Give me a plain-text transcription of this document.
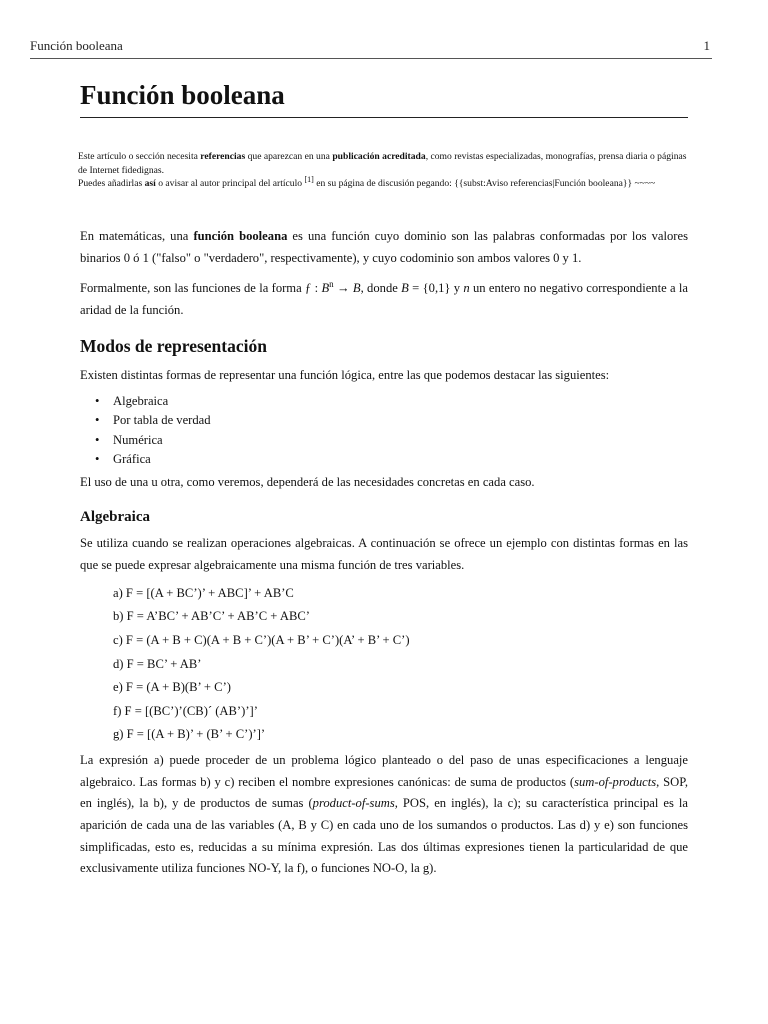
Función booleana	1
Función booleana

Este artículo o sección necesita referencias que aparezcan en una publicación acreditada, como revistas especializadas, monografías, prensa diaria o páginas de Internet fidedignas.

Puedes añadirlas así o avisar al autor principal del artículo [1] en su página de discusión pegando: {{subst:Aviso referencias|Función booleana}} ~~~~

En matemáticas, una función booleana es una función cuyo dominio son las palabras conformadas por los valores binarios 0 ó 1 ("falso" o "verdadero", respectivamente), y cuyo codominio son ambos valores 0 y 1.

Formalmente, son las funciones de la forma ƒ : $B^n \to B$, donde B = {0,1} y n un entero no negativo correspondiente a la aridad de la función.

Modos de representación

Existen distintas formas de representar una función lógica, entre las que podemos destacar las siguientes:

• Algebraica
• Por tabla de verdad
• Numérica
• Gráfica

El uso de una u otra, como veremos, dependerá de las necesidades concretas en cada caso.

Algebraica

Se utiliza cuando se realizan operaciones algebraicas. A continuación se ofrece un ejemplo con distintas formas en las que se puede expresar algebraicamente una misma función de tres variables.

a) F = [(A + BC’)’ + ABC]’ + AB’C
b) F = A’BC’ + AB’C’ + AB’C + ABC’
c) F = (A + B + C)(A + B + C’)(A + B’ + C’)(A’ + B’ + C’)
d) F = BC’ + AB’
e) F = (A + B)(B’ + C’)
f) F = [(BC’)’(CB)´ (AB’)’]’
g) F = [(A + B)’ + (B’ + C’)’]’

La expresión a) puede proceder de un problema lógico planteado o del paso de unas especificaciones a lenguaje algebraico. Las formas b) y c) reciben el nombre expresiones canónicas: de suma de productos (sum-of-products, SOP, en inglés), la b), y de productos de sumas (product-of-sums, POS, en inglés), la c); su característica principal es la aparición de cada una de las variables (A, B y C) en cada uno de los sumandos o productos. Las d) y e) son funciones simplificadas, esto es, reducidas a su mínima expresión. Las dos últimas expresiones tienen la particularidad de que exclusivamente utiliza funciones NO-Y, la f), o funciones NO-O, la g).
